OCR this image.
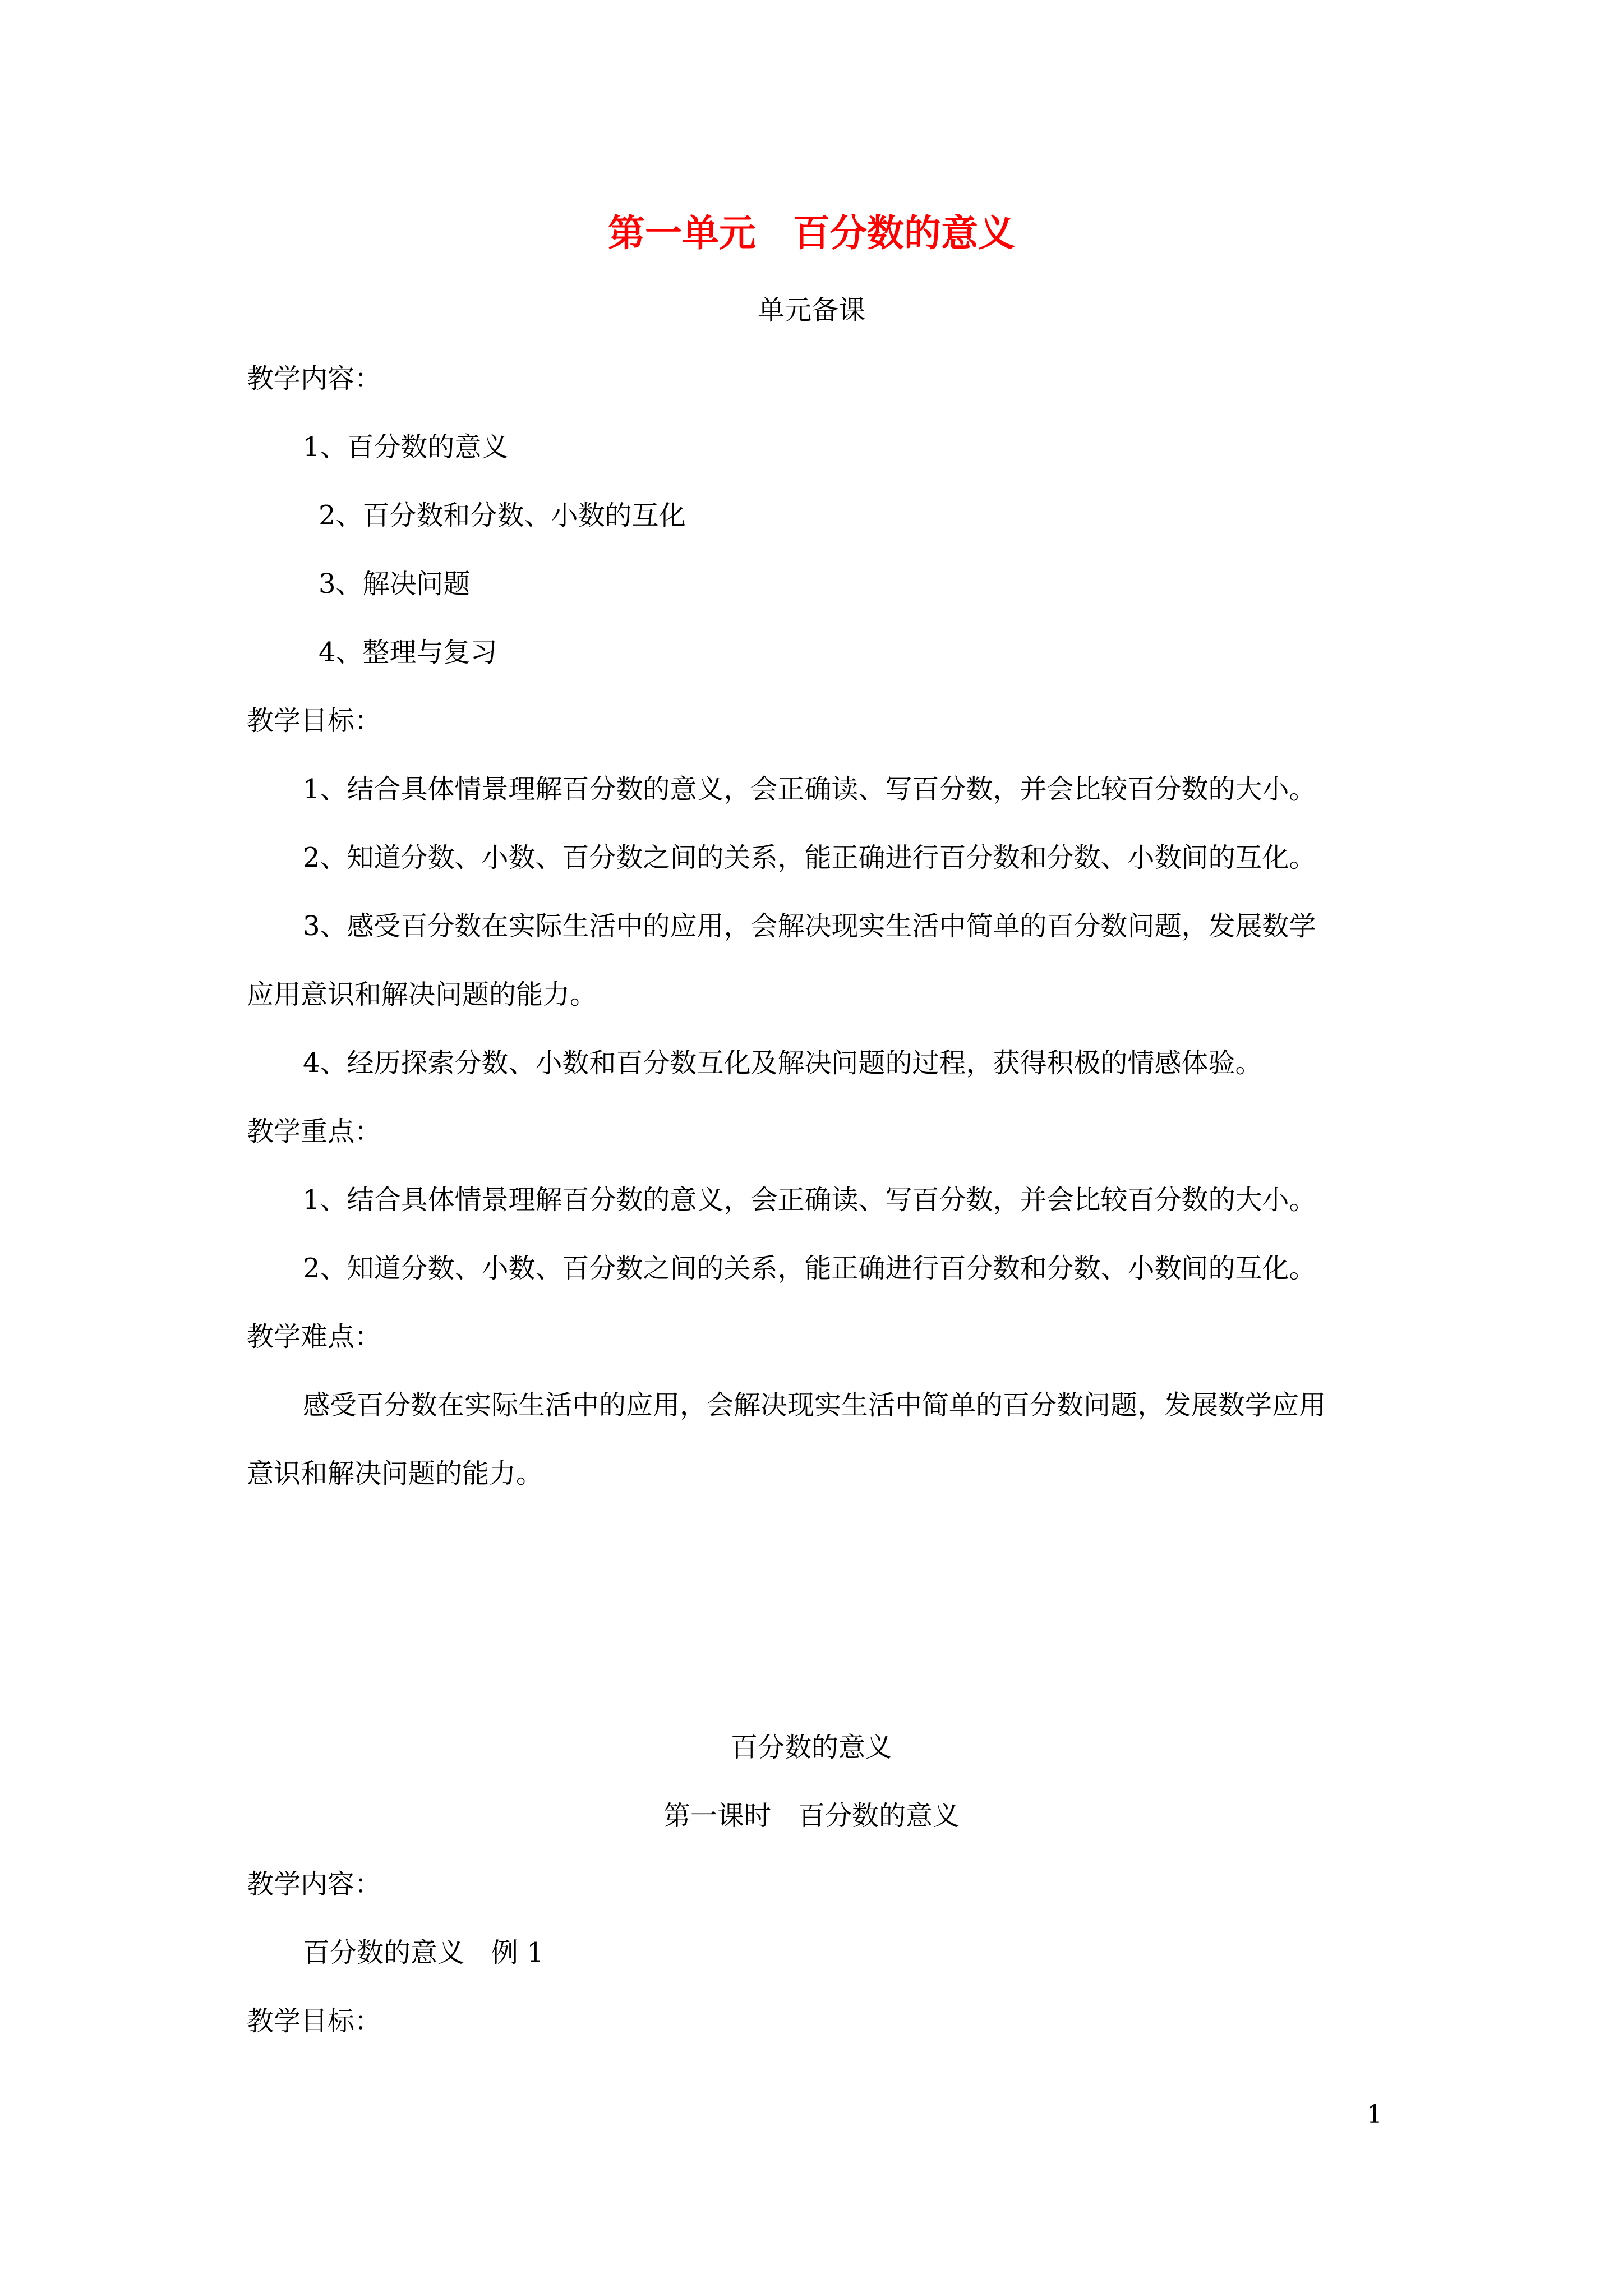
第一单元　百分数的意义
单元备课
教学内容：
1、百分数的意义
2、百分数和分数、小数的互化
3、解决问题
4、整理与复习
教学目标：
1、结合具体情景理解百分数的意义，会正确读、写百分数，并会比较百分数的大小。
2、知道分数、小数、百分数之间的关系，能正确进行百分数和分数、小数间的互化。
3、感受百分数在实际生活中的应用，会解决现实生活中简单的百分数问题，发展数学
应用意识和解决问题的能力。
4、经历探索分数、小数和百分数互化及解决问题的过程，获得积极的情感体验。
教学重点：
1、结合具体情景理解百分数的意义，会正确读、写百分数，并会比较百分数的大小。
2、知道分数、小数、百分数之间的关系，能正确进行百分数和分数、小数间的互化。
教学难点：
感受百分数在实际生活中的应用，会解决现实生活中简单的百分数问题，发展数学应用
意识和解决问题的能力。
百分数的意义
第一课时　百分数的意义
教学内容：
百分数的意义　例 1
教学目标：
1
